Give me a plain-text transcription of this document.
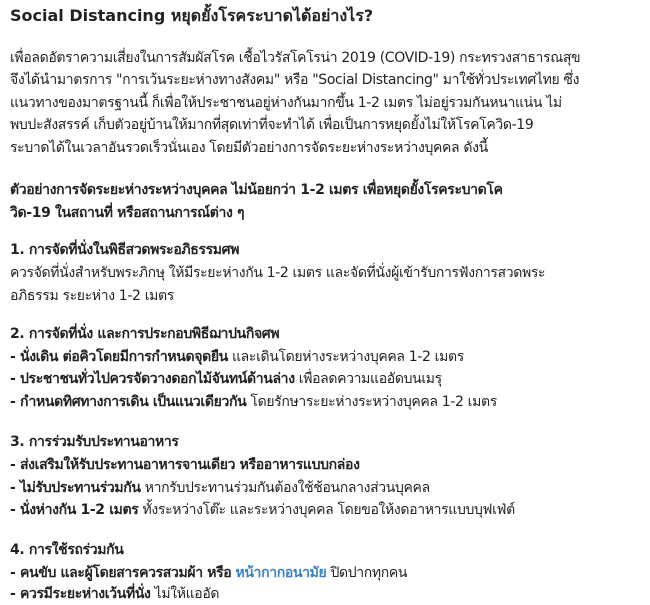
Social Distancing หยุดยั้งโรคระบาดได้อย่างไร?
เพื่อลดอัตราความเสี่ยงในการสัมผัสโรค เชื้อไวรัสโคโรน่า 2019 (COVID-19) กระทรวงสาธารณสุข
จึงได้นำมาตรการ "การเว้นระยะห่างทางสังคม" หรือ "Social Distancing" มาใช้ทั่วประเทศไทย ซึ่ง
แนวทางของมาตรฐานนี้ ก็เพื่อให้ประชาชนอยู่ห่างกันมากขึ้น 1-2 เมตร ไม่อยู่รวมกันหนาแน่น ไม่
พบปะสังสรรค์ เก็บตัวอยู่บ้านให้มากที่สุดเท่าที่จะทำได้ เพื่อเป็นการหยุดยั้งไม่ให้โรคโควิด-19
ระบาดได้ในเวลาอันรวดเร็วนั่นเอง โดยมีตัวอย่างการจัดระยะห่างระหว่างบุคคล ดังนี้
ตัวอย่างการจัดระยะห่างระหว่างบุคคล ไม่น้อยกว่า 1-2 เมตร เพื่อหยุดยั้งโรคระบาดโค
วิด-19 ในสถานที่ หรือสถานการณ์ต่าง ๆ
1. การจัดที่นั่งในพิธีสวดพระอภิธรรมศพ
ควรจัดที่นั่งสำหรับพระภิกษุ ให้มีระยะห่างกัน 1-2 เมตร และจัดที่นั่งผู้เข้ารับการฟังการสวดพระ
อภิธรรม ระยะห่าง 1-2 เมตร
2. การจัดที่นั่ง และการประกอบพิธีฌาปนกิจศพ
- นั่งเดิน ต่อคิวโดยมีการกำหนดจุดยืน และเดินโดยห่างระหว่างบุคคล 1-2 เมตร
- ประชาชนทั่วไปควรจัดวางดอกไม้จันทน์ด้านล่าง เพื่อลดความแออัดบนเมรุ
- กำหนดทิศทางการเดิน เป็นแนวเดียวกัน โดยรักษาระยะห่างระหว่างบุคคล 1-2 เมตร
3. การร่วมรับประทานอาหาร
- ส่งเสริมให้รับประทานอาหารจานเดียว หรืออาหารแบบกล่อง
- ไม่รับประทานร่วมกัน หากรับประทานร่วมกันต้องใช้ช้อนกลางส่วนบุคคล
- นั่งห่างกัน 1-2 เมตร ทั้งระหว่างโต๊ะ และระหว่างบุคคล โดยขอให้งดอาหารแบบบุฟเฟ่ต์
4. การใช้รถร่วมกัน
- คนขับ และผู้โดยสารควรสวมผ้า หรือ หน้ากากอนามัย ปิดปากทุกคน
- ควรมีระยะห่างเว้นที่นั่ง ไม่ให้แออัด
